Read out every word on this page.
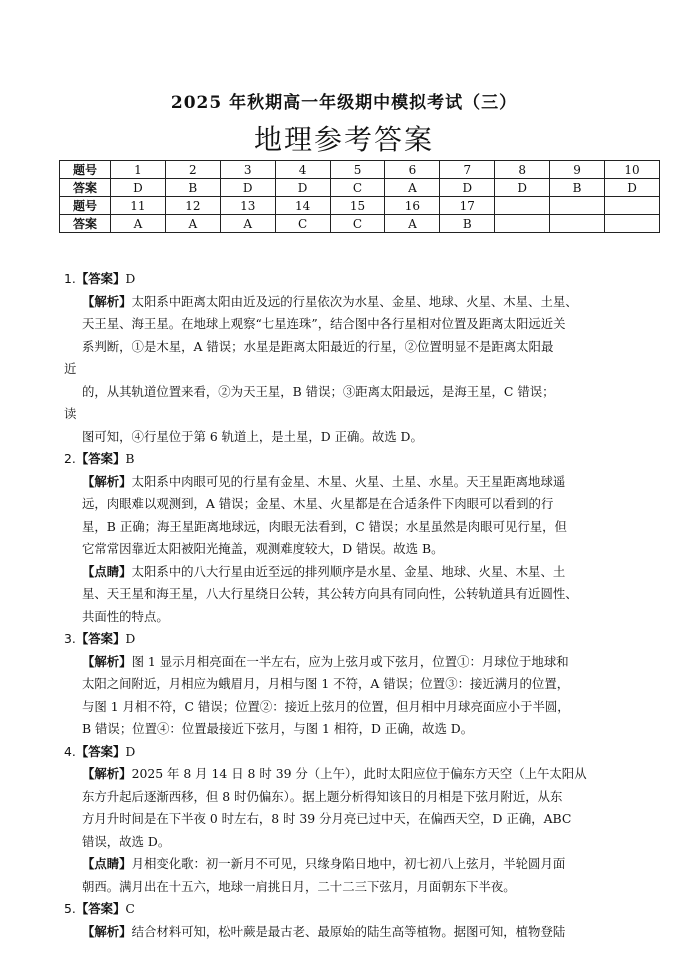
2025 年秋期高一年级期中模拟考试（三）
地理参考答案
题号	1	2	3	4	5	6	7	8	9	10
答案	D	B	D	D	C	A	D	D	B	D
题号	11	12	13	14	15	16	17			
答案	A	A	A	C	C	A	B			
1.【答案】D
【解析】太阳系中距离太阳由近及远的行星依次为水星、金星、地球、火星、木星、土星、
天王星、海王星。在地球上观察“七星连珠”，结合图中各行星相对位置及距离太阳远近关
系判断，①是木星，A 错误；水星是距离太阳最近的行星，②位置明显不是距离太阳最
近
的，从其轨道位置来看，②为天王星，B 错误；③距离太阳最远，是海王星，C 错误；
读
图可知，④行星位于第 6 轨道上，是土星，D 正确。故选 D。
2.【答案】B
【解析】太阳系中肉眼可见的行星有金星、木星、火星、土星、水星。天王星距离地球遥
远，肉眼难以观测到，A 错误；金星、木星、火星都是在合适条件下肉眼可以看到的行
星，B 正确；海王星距离地球远，肉眼无法看到，C 错误；水星虽然是肉眼可见行星，但
它常常因靠近太阳被阳光掩盖，观测难度较大，D 错误。故选 B。
【点睛】太阳系中的八大行星由近至远的排列顺序是水星、金星、地球、火星、木星、土
星、天王星和海王星，八大行星绕日公转，其公转方向具有同向性，公转轨道具有近圆性、
共面性的特点。
3.【答案】D
【解析】图 1 显示月相亮面在一半左右，应为上弦月或下弦月，位置①：月球位于地球和
太阳之间附近，月相应为蛾眉月，月相与图 1 不符，A 错误；位置③：接近满月的位置，
与图 1 月相不符，C 错误；位置②：接近上弦月的位置，但月相中月球亮面应小于半圆，
B 错误；位置④：位置最接近下弦月，与图 1 相符，D 正确，故选 D。
4.【答案】D
【解析】2025 年 8 月 14 日 8 时 39 分（上午），此时太阳应位于偏东方天空（上午太阳从
东方升起后逐渐西移，但 8 时仍偏东）。据上题分析得知该日的月相是下弦月附近，从东
方月升时间是在下半夜 0 时左右，8 时 39 分月亮已过中天，在偏西天空，D 正确，ABC
错误，故选 D。
【点睛】月相变化歌：初一新月不可见，只缘身陷日地中，初七初八上弦月，半轮圆月面
朝西。满月出在十五六，地球一肩挑日月，二十二三下弦月，月面朝东下半夜。
5.【答案】C
【解析】结合材料可知，松叶蕨是最古老、最原始的陆生高等植物。据图可知，植物登陆
